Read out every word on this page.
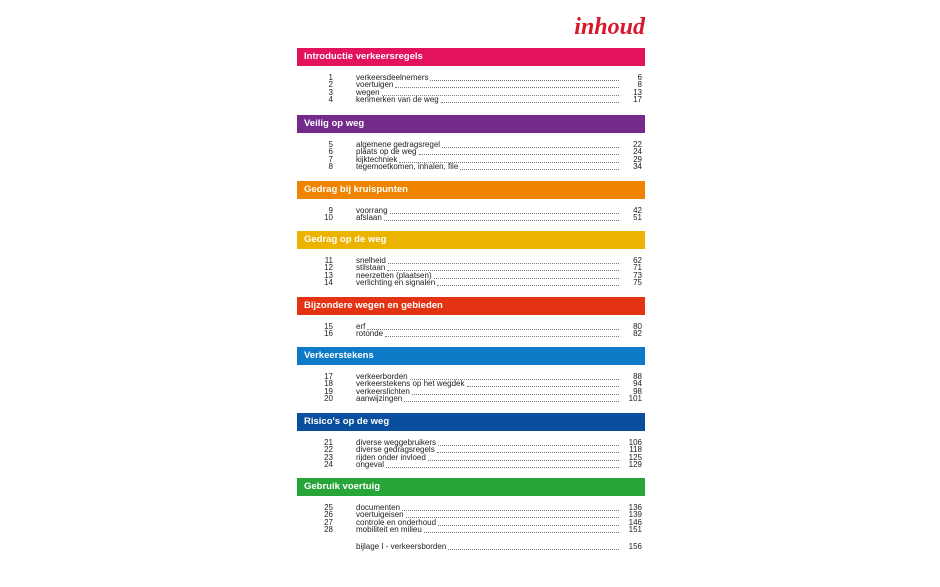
inhoud
Introductie verkeersregels
1	verkeersdeelnemers	6
2	voertuigen	8
3	wegen	13
4	kenmerken van de weg	17
Veilig op weg
5	algemene gedragsregel	22
6	plaats op de weg	24
7	kijktechniek	29
8	tegemoetkomen, inhalen, file	34
Gedrag bij kruispunten
9	voorrang	42
10	afslaan	51
Gedrag op de weg
11	snelheid	62
12	stilstaan	71
13	neerzetten (plaatsen)	73
14	verlichting en signalen	75
Bijzondere wegen en gebieden
15	erf	80
16	rotonde	82
Verkeerstekens
17	verkeerborden	88
18	verkeerstekens op het wegdek	94
19	verkeerslichten	98
20	aanwijzingen	101
Risico's op de weg
21	diverse weggebruikers	106
22	diverse gedragsregels	118
23	rijden onder invloed	125
24	ongeval	129
Gebruik voertuig
25	documenten	136
26	voertuigeisen	139
27	controle en onderhoud	146
28	mobiliteit en milieu	151
bijlage I - verkeersborden	156
